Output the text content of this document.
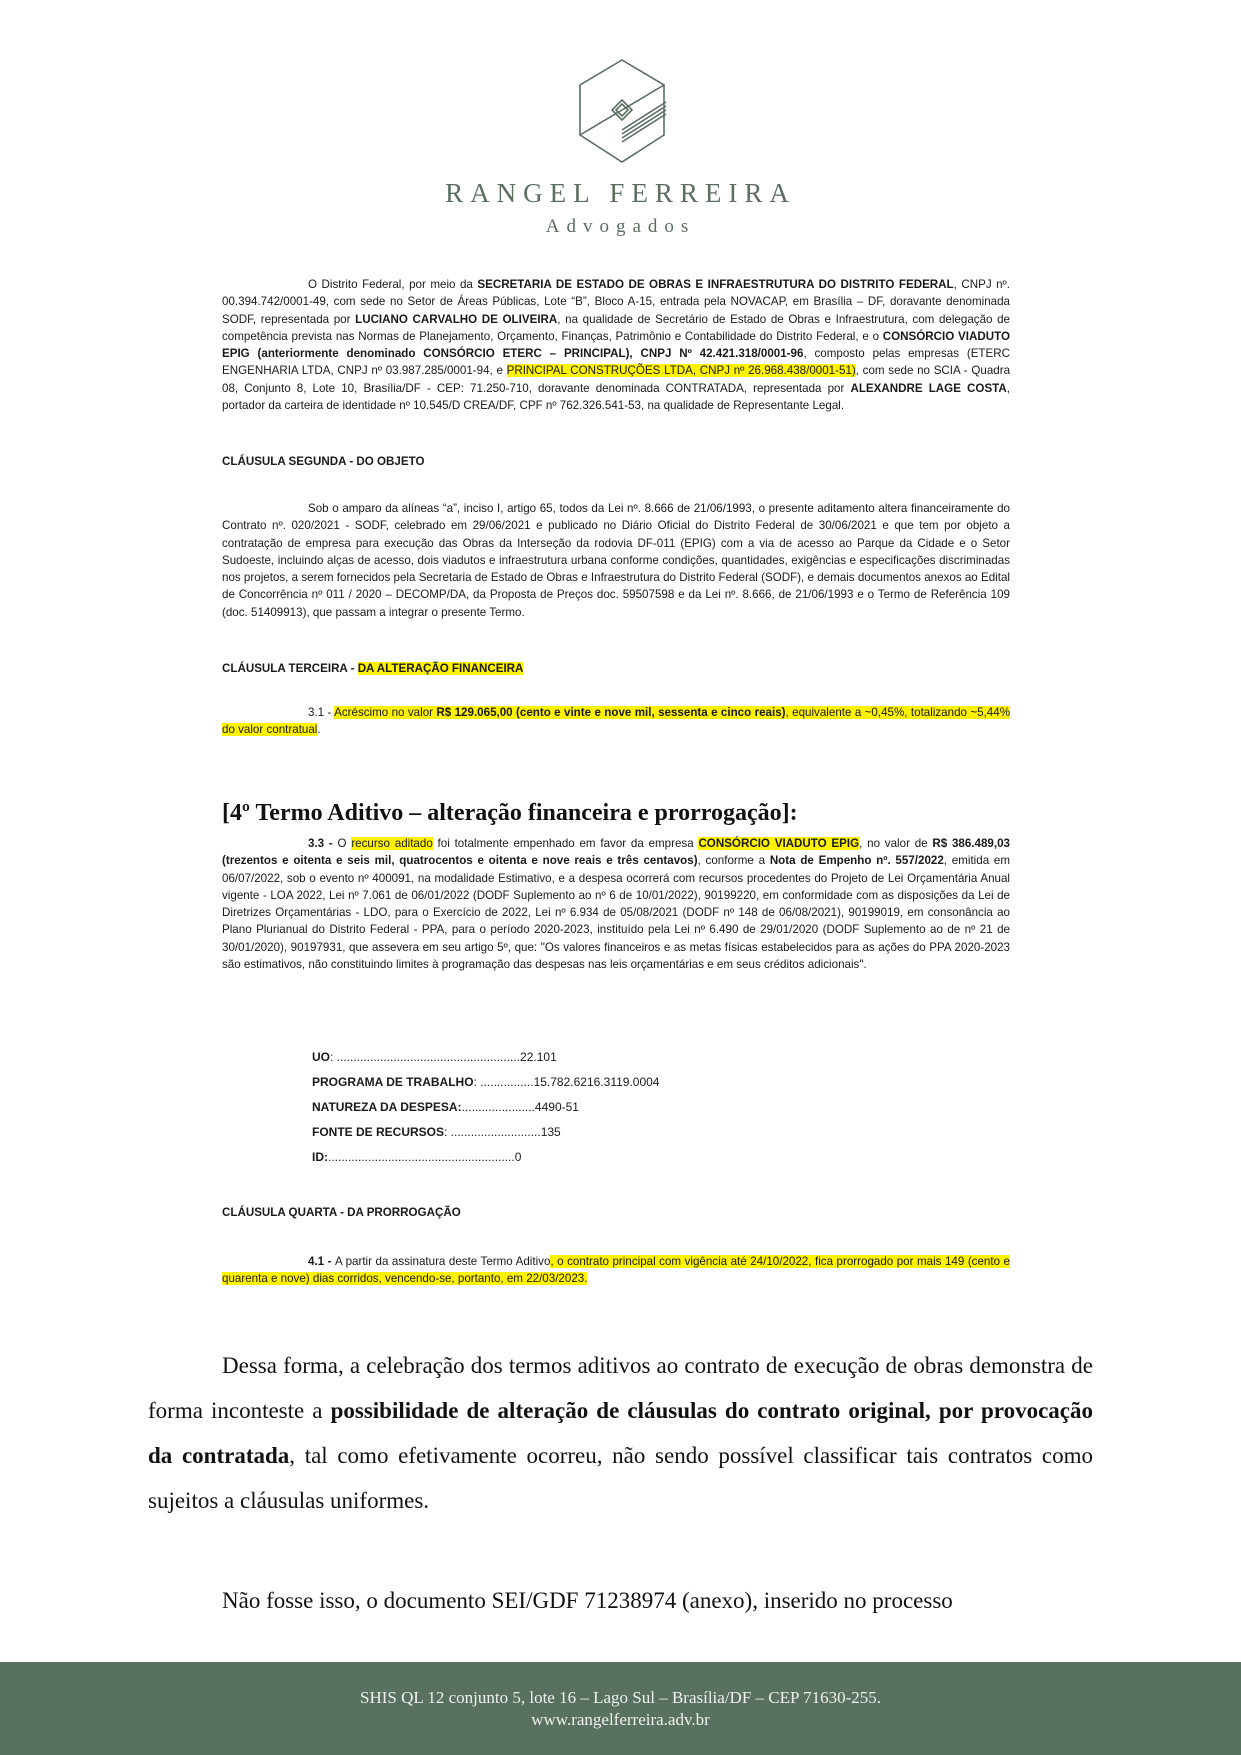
RANGEL FERREIRA
Advogados

O Distrito Federal, por meio da SECRETARIA DE ESTADO DE OBRAS E INFRAESTRUTURA DO DISTRITO FEDERAL, CNPJ nº. 00.394.742/0001-49, com sede no Setor de Áreas Públicas, Lote “B”, Bloco A-15, entrada pela NOVACAP, em Brasília – DF, doravante denominada SODF, representada por LUCIANO CARVALHO DE OLIVEIRA, na qualidade de Secretário de Estado de Obras e Infraestrutura, com delegação de competência prevista nas Normas de Planejamento, Orçamento, Finanças, Patrimônio e Contabilidade do Distrito Federal, e o CONSÓRCIO VIADUTO EPIG (anteriormente denominado CONSÓRCIO ETERC – PRINCIPAL), CNPJ Nº 42.421.318/0001-96, composto pelas empresas (ETERC ENGENHARIA LTDA, CNPJ nº 03.987.285/0001-94, e PRINCIPAL CONSTRUÇÕES LTDA, CNPJ nº 26.968.438/0001-51), com sede no SCIA - Quadra 08, Conjunto 8, Lote 10, Brasília/DF - CEP: 71.250-710, doravante denominada CONTRATADA, representada por ALEXANDRE LAGE COSTA, portador da carteira de identidade nº 10.545/D CREA/DF, CPF nº 762.326.541-53, na qualidade de Representante Legal.

CLÁUSULA SEGUNDA - DO OBJETO

Sob o amparo da alíneas “a”, inciso I, artigo 65, todos da Lei nº. 8.666 de 21/06/1993, o presente aditamento altera financeiramente do Contrato nº. 020/2021 - SODF, celebrado em 29/06/2021 e publicado no Diário Oficial do Distrito Federal de 30/06/2021 e que tem por objeto a contratação de empresa para execução das Obras da Interseção da rodovia DF-011 (EPIG) com a via de acesso ao Parque da Cidade e o Setor Sudoeste, incluindo alças de acesso, dois viadutos e infraestrutura urbana conforme condições, quantidades, exigências e especificações discriminadas nos projetos, a serem fornecidos pela Secretaria de Estado de Obras e Infraestrutura do Distrito Federal (SODF), e demais documentos anexos ao Edital de Concorrência nº 011 / 2020 – DECOMP/DA, da Proposta de Preços doc. 59507598 e da Lei nº. 8.666, de 21/06/1993 e o Termo de Referência 109 (doc. 51409913), que passam a integrar o presente Termo.

CLÁUSULA TERCEIRA - DA ALTERAÇÃO FINANCEIRA

3.1 - Acréscimo no valor R$ 129.065,00 (cento e vinte e nove mil, sessenta e cinco reais), equivalente a ~0,45%, totalizando ~5,44% do valor contratual.

[4º Termo Aditivo – alteração financeira e prorrogação]:

3.3 - O recurso aditado foi totalmente empenhado em favor da empresa CONSÓRCIO VIADUTO EPIG, no valor de R$ 386.489,03 (trezentos e oitenta e seis mil, quatrocentos e oitenta e nove reais e três centavos), conforme a Nota de Empenho nº. 557/2022, emitida em 06/07/2022, sob o evento nº 400091, na modalidade Estimativo, e a despesa ocorrerá com recursos procedentes do Projeto de Lei Orçamentária Anual vigente - LOA 2022, Lei nº 7.061 de 06/01/2022 (DODF Suplemento ao nº 6 de 10/01/2022), 90199220, em conformidade com as disposições da Lei de Diretrizes Orçamentárias - LDO, para o Exercício de 2022, Lei nº 6.934 de 05/08/2021 (DODF nº 148 de 06/08/2021), 90199019, em consonância ao Plano Plurianual do Distrito Federal - PPA, para o período 2020-2023, instituído pela Lei nº 6.490 de 29/01/2020 (DODF Suplemento ao de nº 21 de 30/01/2020), 90197931, que assevera em seu artigo 5º, que: "Os valores financeiros e as metas físicas estabelecidos para as ações do PPA 2020-2023 são estimativos, não constituindo limites à programação das despesas nas leis orçamentárias e em seus créditos adicionais".

UO : ....................................................... 22.101
PROGRAMA DE TRABALHO : ................ 15.782.6216.3119.0004
NATUREZA DA DESPESA: ...................... 4490-51
FONTE DE RECURSOS : ........................... 135
ID: ........................................................ 0
CLÁUSULA QUARTA - DA PRORROGAÇÃO

4.1 - A partir da assinatura deste Termo Aditivo, o contrato principal com vigência até 24/10/2022, fica prorrogado por mais 149 (cento e quarenta e nove) dias corridos, vencendo-se, portanto, em 22/03/2023.

Dessa forma, a celebração dos termos aditivos ao contrato de execução de obras demonstra de forma inconteste a possibilidade de alteração de cláusulas do contrato original, por provocação da contratada, tal como efetivamente ocorreu, não sendo possível classificar tais contratos como sujeitos a cláusulas uniformes.

Não fosse isso, o documento SEI/GDF 71238974 (anexo), inserido no processo

SHIS QL 12 conjunto 5, lote 16 – Lago Sul – Brasília/DF – CEP 71630-255.
www.rangelferreira.adv.br
